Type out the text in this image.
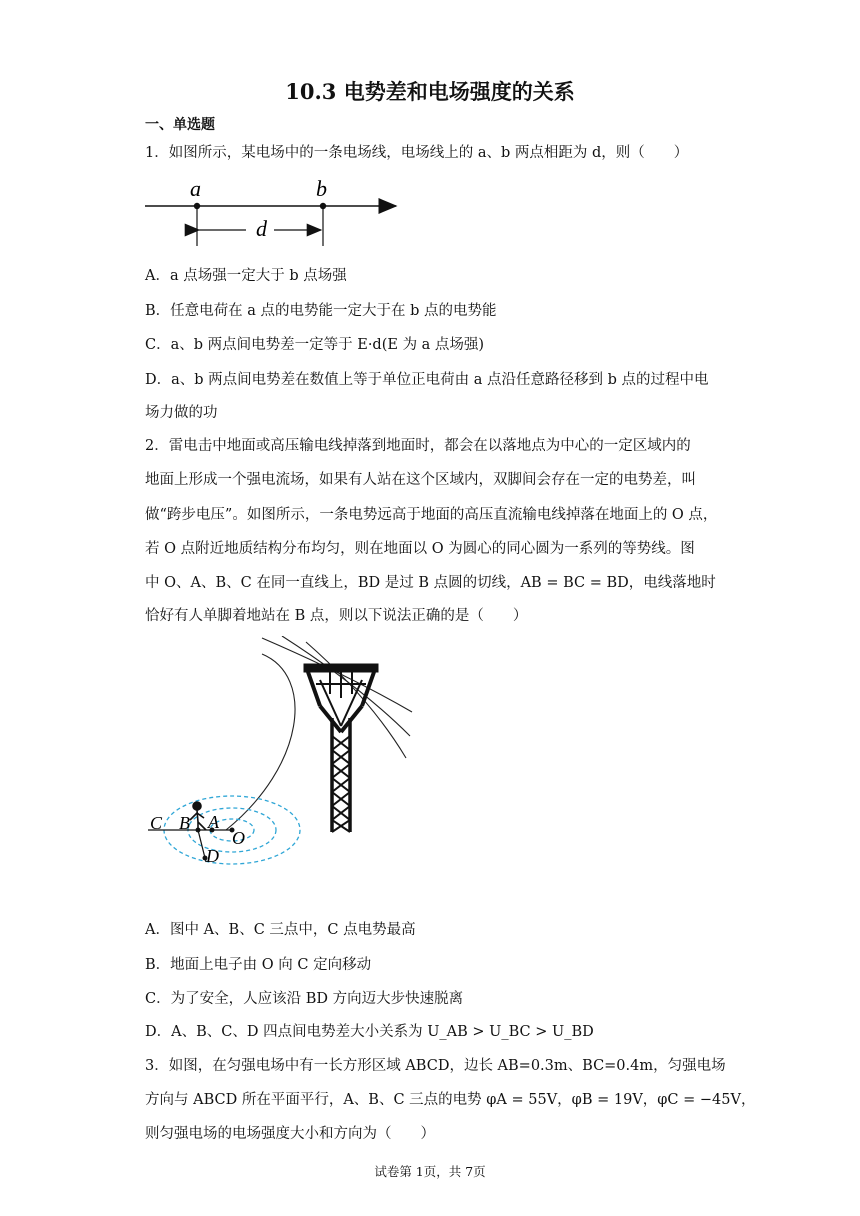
10.3 电势差和电场强度的关系
一、单选题
1．如图所示，某电场中的一条电场线，电场线上的 a、b 两点相距为 d，则（　　）
a	b
d
A．a 点场强一定大于 b 点场强
B．任意电荷在 a 点的电势能一定大于在 b 点的电势能
C．a、b 两点间电势差一定等于 E·d(E 为 a 点场强)
D．a、b 两点间电势差在数值上等于单位正电荷由 a 点沿任意路径移到 b 点的过程中电
场力做的功
2．雷电击中地面或高压输电线掉落到地面时，都会在以落地点为中心的一定区域内的
地面上形成一个强电流场，如果有人站在这个区域内，双脚间会存在一定的电势差，叫
做“跨步电压”。如图所示，一条电势远高于地面的高压直流输电线掉落在地面上的 O 点，
若 O 点附近地质结构分布均匀，则在地面以 O 为圆心的同心圆为一系列的等势线。图
中 O、A、B、C 在同一直线上，BD 是过 B 点圆的切线，AB = BC = BD，电线落地时
恰好有人单脚着地站在 B 点，则以下说法正确的是（　　）
C B A
O
D
A．图中 A、B、C 三点中，C 点电势最高
B．地面上电子由 O 向 C 定向移动
C．为了安全，人应该沿 BD 方向迈大步快速脱离
D．A、B、C、D 四点间电势差大小关系为 U_AB > U_BC > U_BD
3．如图，在匀强电场中有一长方形区域 ABCD，边长 AB=0.3m、BC=0.4m，匀强电场
方向与 ABCD 所在平面平行，A、B、C 三点的电势 φA = 55V，φB = 19V，φC = −45V，
则匀强电场的电场强度大小和方向为（　　）
试卷第 1页，共 7页
